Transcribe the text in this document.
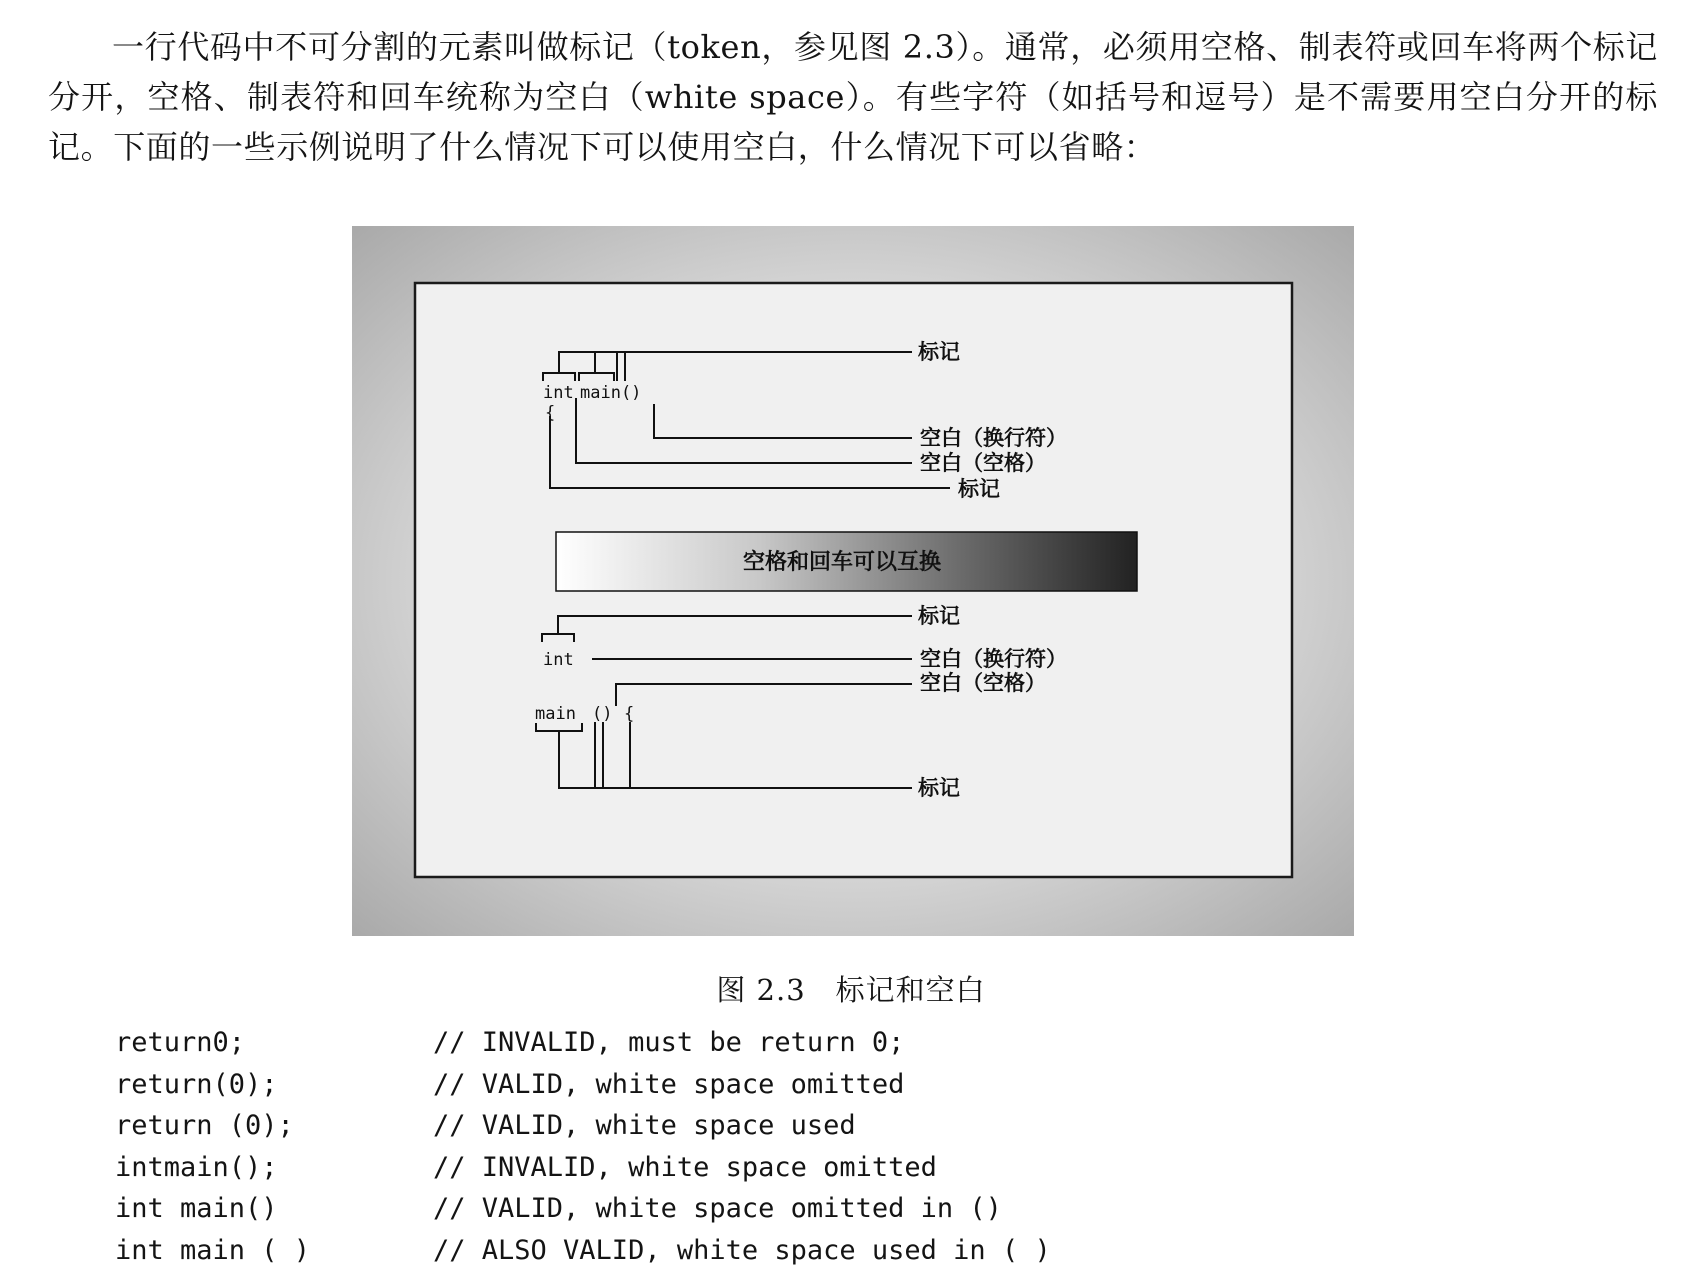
一行代码中不可分割的元素叫做标记（token，参见图 2.3）。通常，必须用空格、制表符或回车将两个标记分开，空格、制表符和回车统称为空白（white space）。有些字符（如括号和逗号）是不需要用空白分开的标记。下面的一些示例说明了什么情况下可以使用空白，什么情况下可以省略：

int main()
{
int
main () {
标记
空白（换行符）
空白（空格）
标记
标记
空白（换行符）
空白（空格）
标记
空格和回车可以互换
图 2.3　标记和空白
return0;	// INVALID, must be return 0;
return(0);	// VALID, white space omitted
return (0);	// VALID, white space used
intmain();	// INVALID, white space omitted
int main()	// VALID, white space omitted in ()
int main ( )	// ALSO VALID, white space used in ( )
